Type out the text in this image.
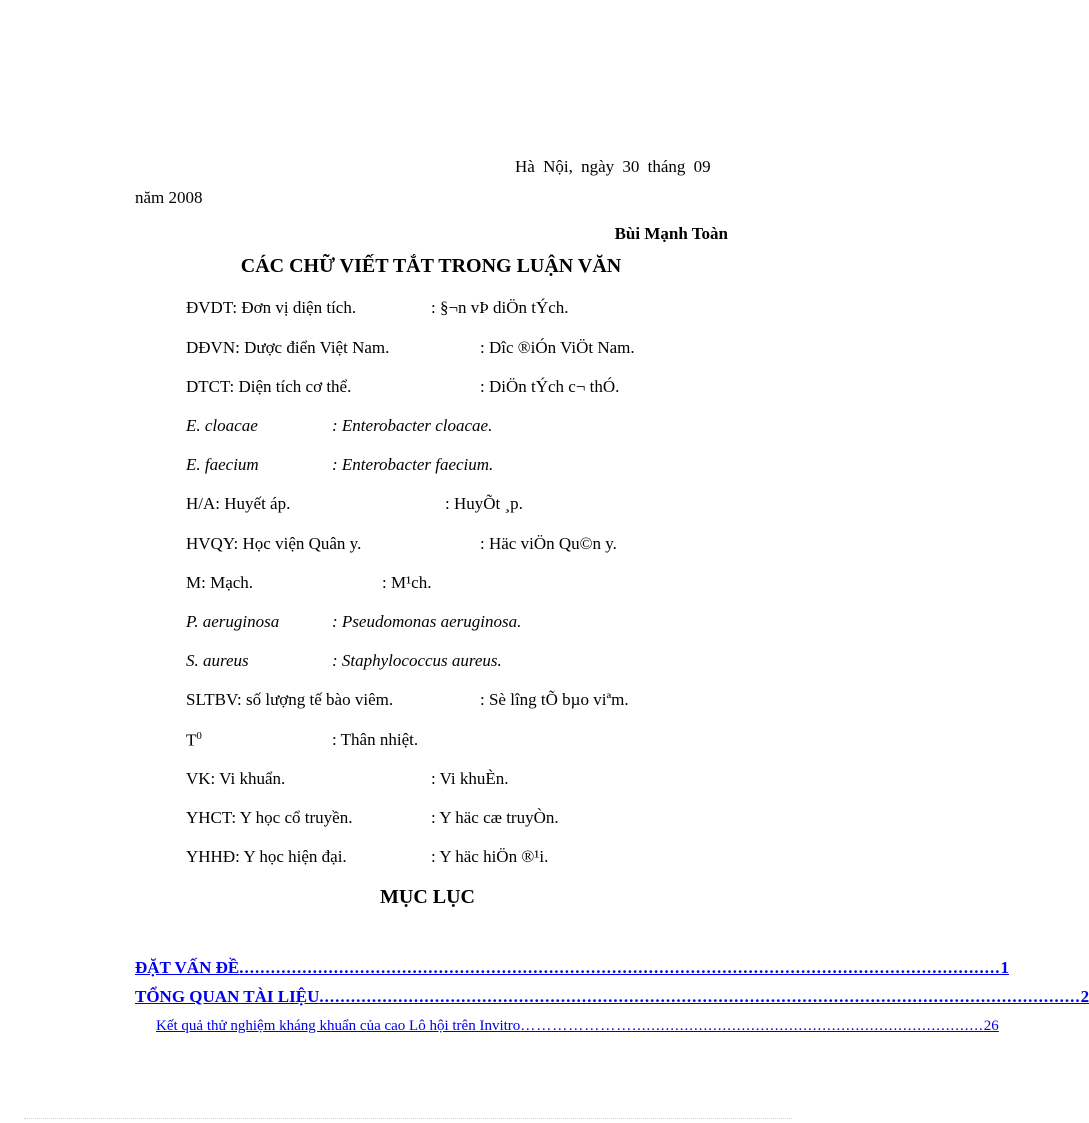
Hà Nội, ngày 30 tháng 09
năm 2008
Bùi Mạnh Toàn
CÁC CHỮ VIẾT TẮT TRONG LUẬN VĂN
ĐVDT: Đơn vị diện tích.	: §¬n vÞ diÖn tÝch.
DĐVN: Dược điển Việt Nam.	: Dîc ®iÓn ViÖt Nam.
DTCT: Diện tích cơ thể.	: DiÖn tÝch c¬ thÓ.
E. cloacae	: Enterobacter cloacae.
E. faecium	: Enterobacter faecium.
H/A: Huyết áp.	: HuyÕt ¸p.
HVQY: Học viện Quân y.	: Häc viÖn Qu©n y.
M: Mạch.	: M¹ch.
P. aeruginosa	: Pseudomonas aeruginosa.
S. aureus	: Staphylococcus aureus.
SLTBV: số lượng tế bào viêm.	: Sè lîng tÕ bµo viªm.
$T^0$	: Thân nhiệt.
VK: Vi khuẩn.	: Vi khuÈn.
YHCT: Y học cổ truyền.	: Y häc cæ truyÒn.
YHHĐ: Y học hiện đại.	: Y häc hiÖn ®¹i.
MỤC LỤC
ĐẶT VẤN ĐỀ ................................................................................................................................................. 1
TỔNG QUAN TÀI LIỆU ................................................................................................................................................. 2
Kết quả thử nghiệm kháng khuẩn của cao Lô hội trên Invitro ………………….......................................................................... 26
